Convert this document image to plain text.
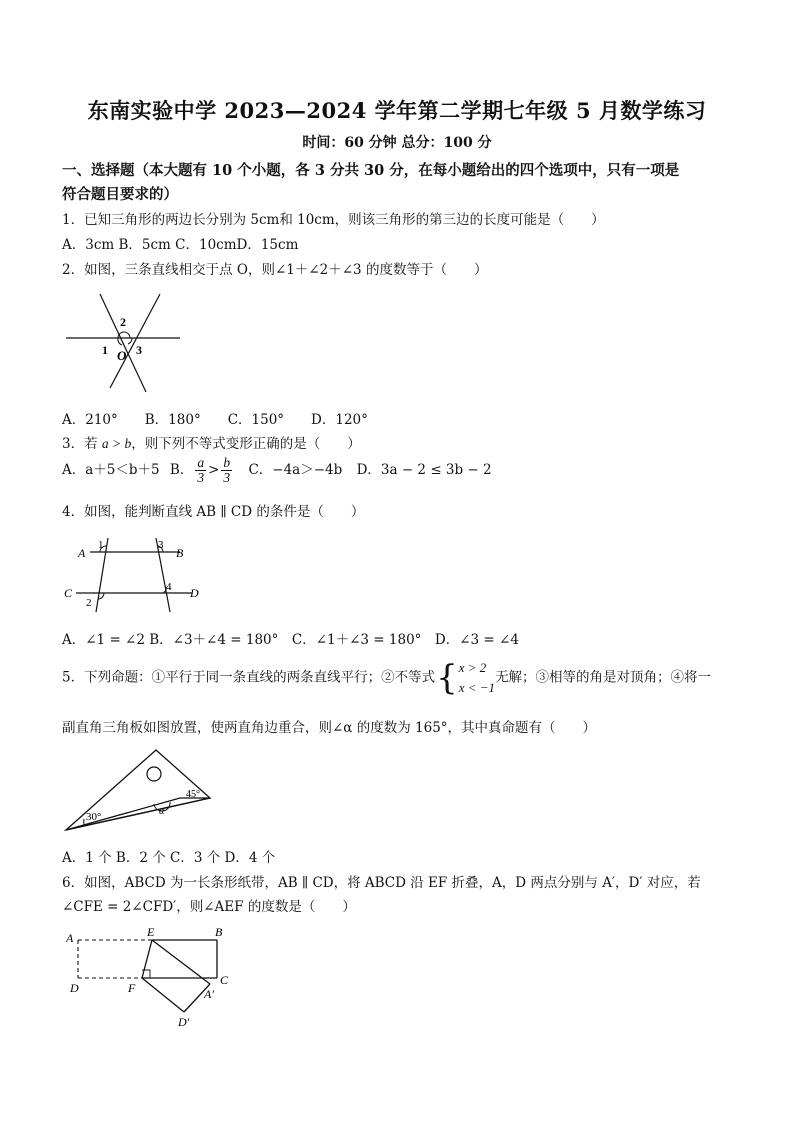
东南实验中学 2023—2024 学年第二学期七年级 5 月数学练习
时间：60 分钟 总分：100 分
一、选择题（本大题有 10 个小题，各 3 分共 30 分，在每小题给出的四个选项中，只有一项是
符合题目要求的）
1．已知三角形的两边长分别为 5cm和 10cm，则该三角形的第三边的长度可能是（　　）
A．3cm B．5cm C．10cmD．15cm
2．如图，三条直线相交于点 O，则∠1＋∠2＋∠3 的度数等于（　　）
2
1 3
O
A．210°　　B．180°　　C．150°　　D．120°
3．若 a > b，则下列不等式变形正确的是（　　）
A．a＋5＜b＋5 B． $\frac{a}{3} > \frac{b}{3}$ C．−4a＞−4b D．3a − 2 ≤ 3b − 2
4．如图，能判断直线 AB ∥ CD 的条件是（　　）
A	B
C	D
1	3
2
4
A．∠1 = ∠2 B．∠3＋∠4 = 180°　C．∠1＋∠3 = 180°　D．∠3 = ∠4
5．下列命题：①平行于同一条直线的两条直线平行；②不等式{ x > 2
x < −1
无解；③相等的角是对顶角；④将一
副直角三角板如图放置，使两直角边重合，则∠α 的度数为 165°，其中真命题有（　　）
30°
45°
α
A．1 个 B．2 个 C．3 个 D．4 个
6．如图，ABCD 为一长条形纸带，AB ∥ CD，将 ABCD 沿 EF 折叠，A，D 两点分别与 A′，D′ 对应，若
∠CFE = 2∠CFD′，则∠AEF 的度数是（　　）
A	E	B
D	F
C
A′
D′
